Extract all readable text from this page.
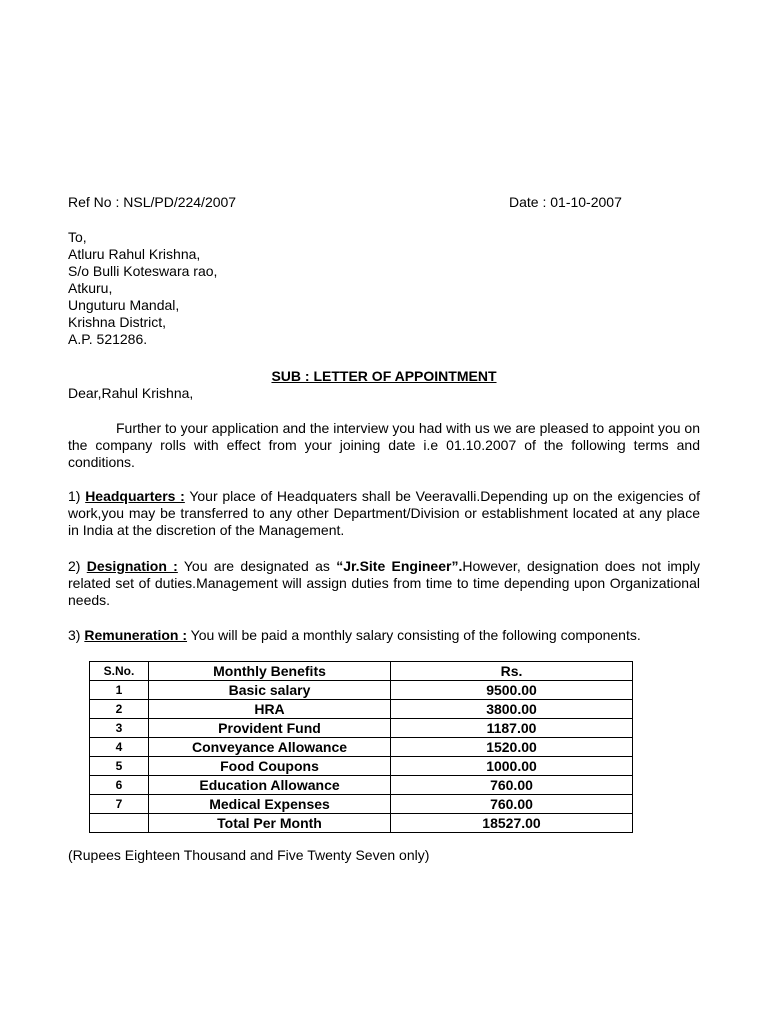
Ref No : NSL/PD/224/2007	Date : 01-10-2007
To,
Atluru Rahul Krishna,
S/o Bulli Koteswara rao,
Atkuru,
Unguturu Mandal,
Krishna District,
A.P. 521286.
SUB : LETTER OF APPOINTMENT
Dear,Rahul Krishna,
Further to your application and the interview you had with us we are pleased to appoint you on the company rolls with effect from your joining date i.e 01.10.2007 of the following terms and conditions.
1) Headquarters : Your place of Headquaters shall be Veeravalli.Depending up on the exigencies of work,you may be transferred to any other Department/Division or establishment located at any place in India at the discretion of the Management.
2) Designation : You are designated as “Jr.Site Engineer”.However, designation does not imply related set of duties.Management will assign duties from time to time depending upon Organizational needs.
3) Remuneration : You will be paid a monthly salary consisting of the following components.
S.No.	Monthly Benefits	Rs.
1	Basic salary	9500.00
2	HRA	3800.00
3	Provident Fund	1187.00
4	Conveyance Allowance	1520.00
5	Food Coupons	1000.00
6	Education Allowance	760.00
7	Medical Expenses	760.00
	Total Per Month	18527.00
(Rupees Eighteen Thousand and Five Twenty Seven only)
